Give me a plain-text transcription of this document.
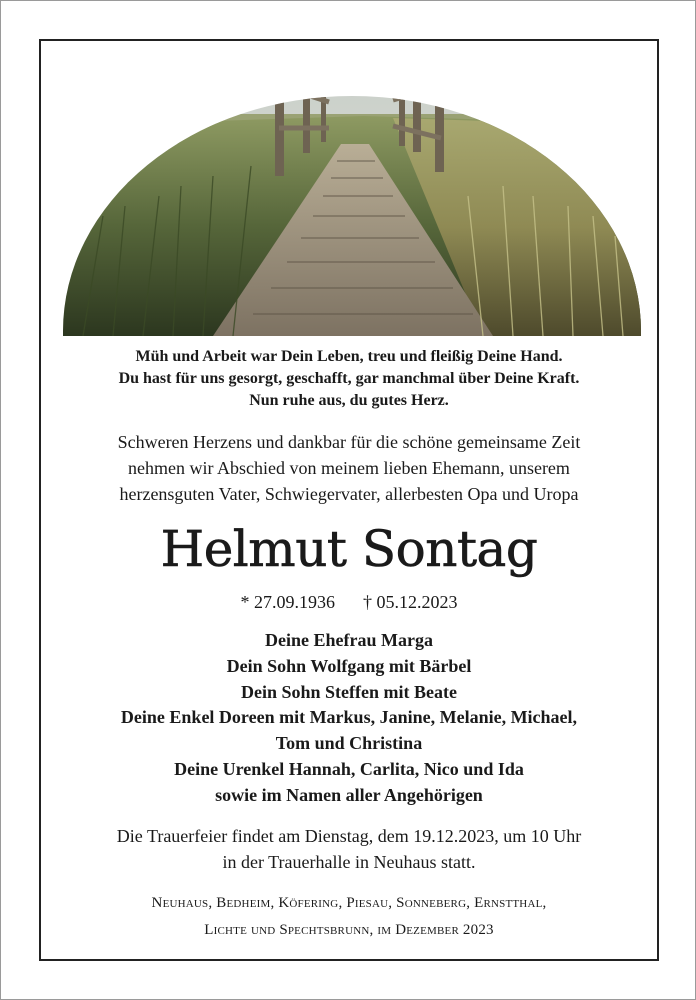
Müh und Arbeit war Dein Leben, treu und fleißig Deine Hand.
Du hast für uns gesorgt, geschafft, gar manchmal über Deine Kraft.
Nun ruhe aus, du gutes Herz.
Schweren Herzens und dankbar für die schöne gemeinsame Zeit
nehmen wir Abschied von meinem lieben Ehemann, unserem
herzensguten Vater, Schwiegervater, allerbesten Opa und Uropa
Helmut Sontag
* 27.09.1936 † 05.12.2023
Deine Ehefrau Marga
Dein Sohn Wolfgang mit Bärbel
Dein Sohn Steffen mit Beate
Deine Enkel Doreen mit Markus, Janine, Melanie, Michael,
Tom und Christina
Deine Urenkel Hannah, Carlita, Nico und Ida
sowie im Namen aller Angehörigen
Die Trauerfeier findet am Dienstag, dem 19.12.2023, um 10 Uhr
in der Trauerhalle in Neuhaus statt.
Neuhaus, Bedheim, Köfering, Piesau, Sonneberg, Ernstthal,
Lichte und Spechtsbrunn, im Dezember 2023
